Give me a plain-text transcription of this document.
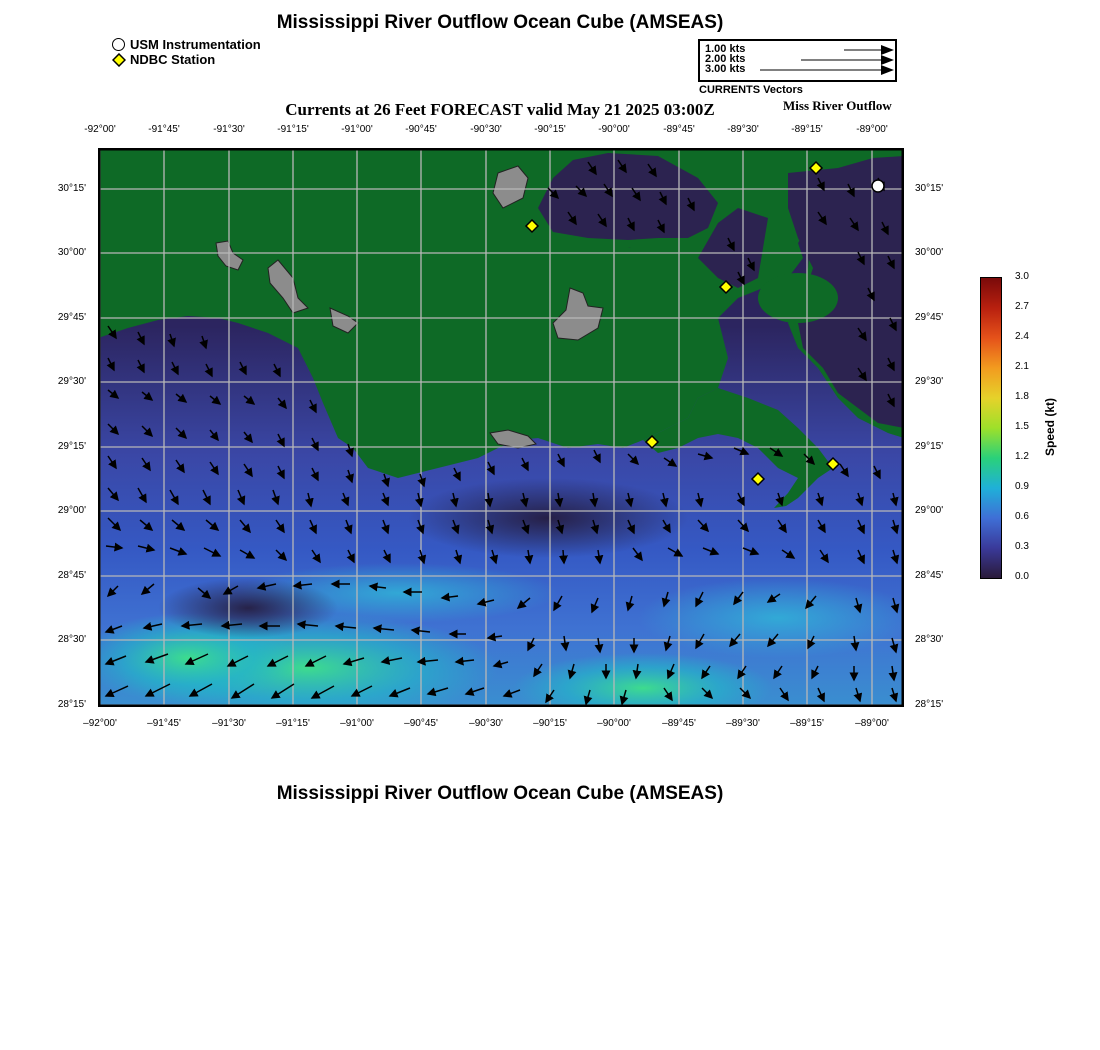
Mississippi River Outflow Ocean Cube (AMSEAS)
USM Instrumentation
NDBC Station
1.00 kts
2.00 kts
3.00 kts
CURRENTS Vectors
Currents at 26 Feet FORECAST valid May 21 2025 03:00Z	Miss River Outflow
-92°00'	-91°45'	-91°30'	-91°15'	-91°00'	-90°45'	-90°30'	-90°15'	-90°00'	-89°45'	-89°30'	-89°15'	-89°00'
–92°00'	–91°45'	–91°30'	–91°15'	–91°00'	–90°45'	–90°30'	–90°15'	–90°00'	–89°45'	–89°30'	–89°15'	–89°00'
30°15'
30°00'
29°45'
29°30'
29°15'
29°00'
28°45'
28°30'
28°15'
30°15'
30°00'
29°45'
29°30'
29°15'
29°00'
28°45'
28°30'
28°15'
3.0
2.7
2.4
2.1
1.8
1.5
1.2
0.9
0.6
0.3
0.0
Speed (kt)
Mississippi River Outflow Ocean Cube (AMSEAS)
